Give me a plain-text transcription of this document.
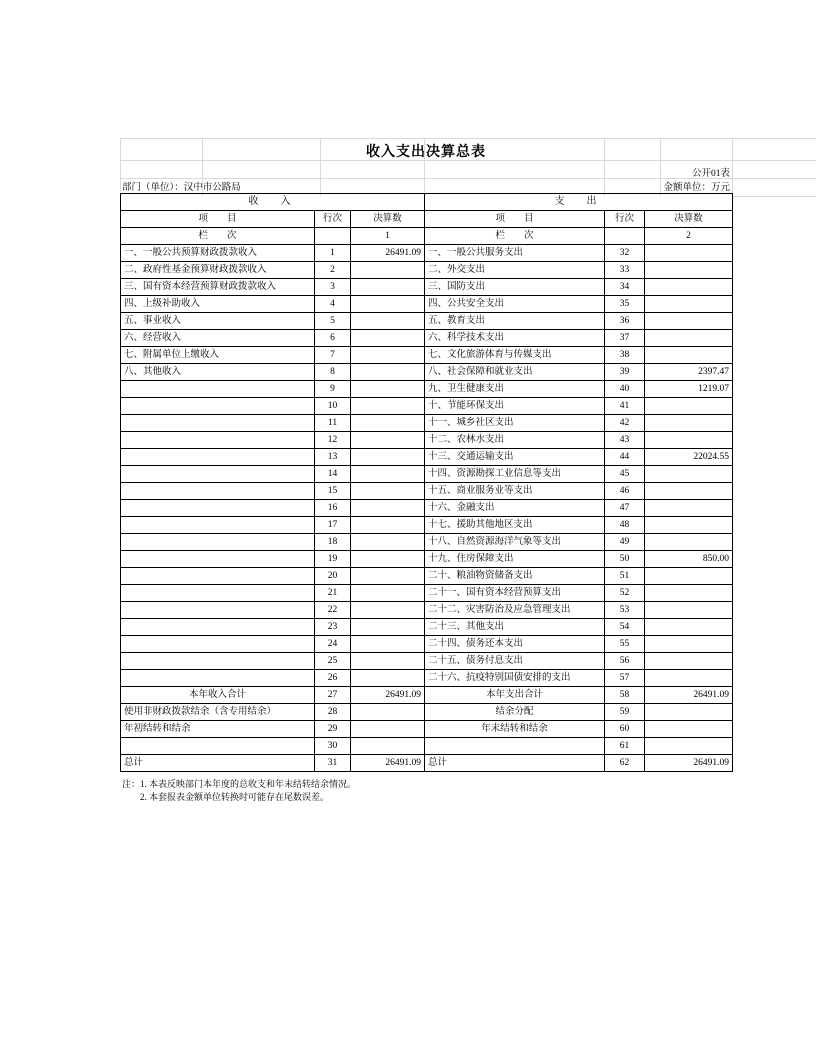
收入支出决算总表
公开01表
部门（单位）：汉中市公路局	金额单位：万元
收　入			支　出		
项　　目	行次	决算数	项　　目	行次	决算数
栏　　次		1	栏　　次		2
一、一般公共预算财政拨款收入	1	26491.09	一、一般公共服务支出	32	
二、政府性基金预算财政拨款收入	2		二、外交支出	33	
三、国有资本经营预算财政拨款收入	3		三、国防支出	34	
四、上级补助收入	4		四、公共安全支出	35	
五、事业收入	5		五、教育支出	36	
六、经营收入	6		六、科学技术支出	37	
七、附属单位上缴收入	7		七、文化旅游体育与传媒支出	38	
八、其他收入	8		八、社会保障和就业支出	39	2397.47
	9		九、卫生健康支出	40	1219.07
	10		十、节能环保支出	41	
	11		十一、城乡社区支出	42	
	12		十二、农林水支出	43	
	13		十三、交通运输支出	44	22024.55
	14		十四、资源勘探工业信息等支出	45	
	15		十五、商业服务业等支出	46	
	16		十六、金融支出	47	
	17		十七、援助其他地区支出	48	
	18		十八、自然资源海洋气象等支出	49	
	19		十九、住房保障支出	50	850.00
	20		二十、粮油物资储备支出	51	
	21		二十一、国有资本经营预算支出	52	
	22		二十二、灾害防治及应急管理支出	53	
	23		二十三、其他支出	54	
	24		二十四、债务还本支出	55	
	25		二十五、债务付息支出	56	
	26		二十六、抗疫特别国债安排的支出	57	
本年收入合计	27	26491.09	本年支出合计	58	26491.09
使用非财政拨款结余（含专用结余）	28		结余分配	59	
年初结转和结余	29		年末结转和结余	60	
	30			61	
总计	31	26491.09	总计	62	26491.09
注：1. 本表反映部门本年度的总收支和年末结转结余情况。
　　2. 本套报表金额单位转换时可能存在尾数误差。
